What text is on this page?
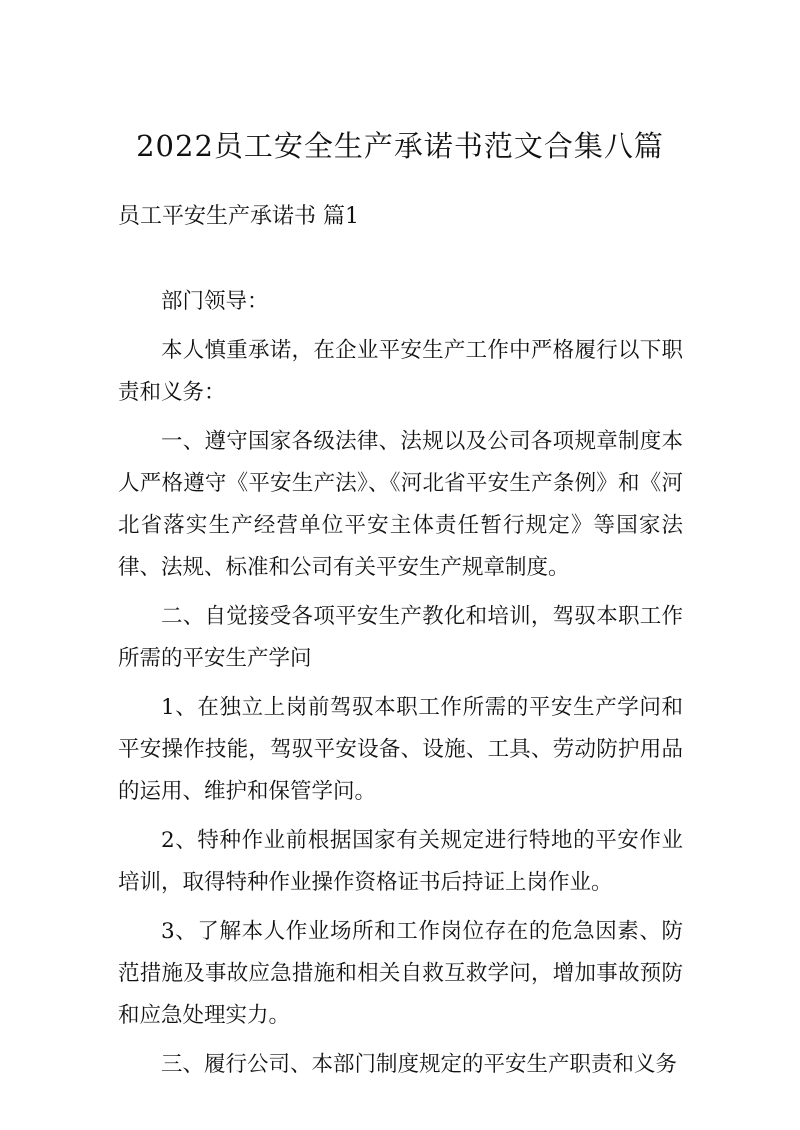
2022员工安全生产承诺书范文合集八篇
员工平安生产承诺书 篇1

部门领导：

本人慎重承诺，在企业平安生产工作中严格履行以下职责和义务：

一、遵守国家各级法律、法规以及公司各项规章制度本人严格遵守《平安生产法》、《河北省平安生产条例》和《河北省落实生产经营单位平安主体责任暂行规定》等国家法律、法规、标准和公司有关平安生产规章制度。

二、自觉接受各项平安生产教化和培训，驾驭本职工作所需的平安生产学问

1、在独立上岗前驾驭本职工作所需的平安生产学问和平安操作技能，驾驭平安设备、设施、工具、劳动防护用品的运用、维护和保管学问。

2、特种作业前根据国家有关规定进行特地的平安作业培训，取得特种作业操作资格证书后持证上岗作业。

3、了解本人作业场所和工作岗位存在的危急因素、防范措施及事故应急措施和相关自救互救学问，增加事故预防和应急处理实力。

三、履行公司、本部门制度规定的平安生产职责和义务
